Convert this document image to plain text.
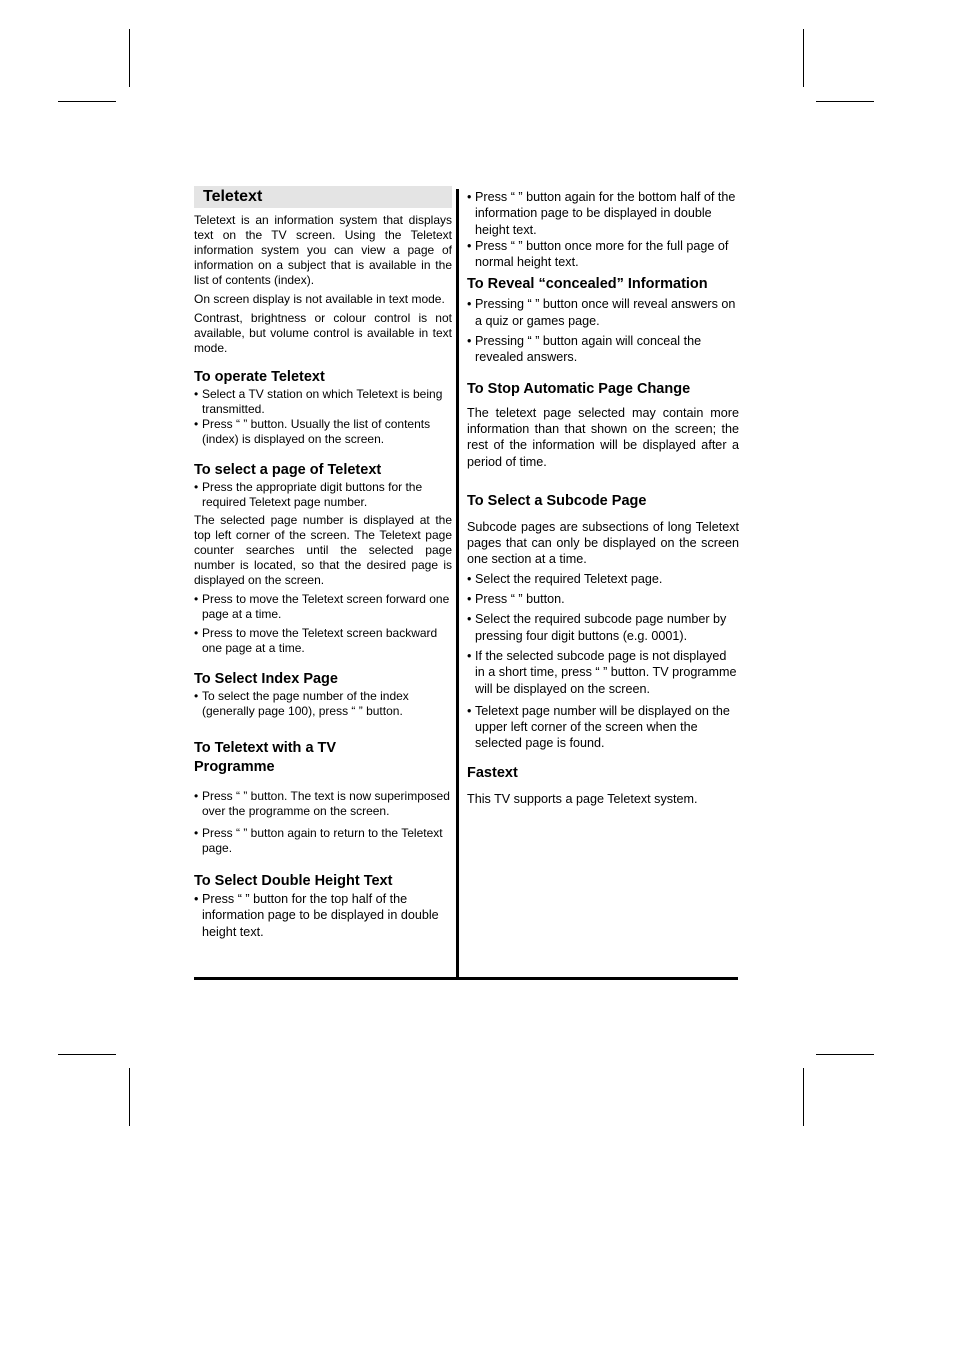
Teletext

Teletext is an information system that displays text on the TV screen. Using the Teletext information system you can view a page of information on a subject that is available in the list of contents (index).

On screen display is not available in text mode.

Contrast, brightness or colour control is not available, but volume control is available in text mode.

To operate Teletext
• Select a TV station on which Teletext is being transmitted.
• Press “ ” button. Usually the list of contents (index) is displayed on the screen.
To select a page of Teletext
• Press the appropriate digit buttons for the required Teletext page number.

The selected page number is displayed at the top left corner of the screen. The Teletext page counter searches until the selected page number is located, so that the desired page is displayed on the screen.

• Press to move the Teletext screen forward one page at a time.
• Press to move the Teletext screen backward one page at a time.
To Select Index Page
• To select the page number of the index (generally page 100), press “ ” button.
To Teletext with a TV Programme
• Press “ ” button. The text is now superimposed over the programme on the screen.
• Press “ ” button again to return to the Teletext page.
To Select Double Height Text
• Press “ ” button for the top half of the information page to be displayed in double height text.
• Press “ ” button again for the bottom half of the information page to be displayed in double height text.
• Press “ ” button once more for the full page of normal height text.
To Reveal “concealed” Information
• Pressing “ ” button once will reveal answers on a quiz or games page.
• Pressing “ ” button again will conceal the revealed answers.
To Stop Automatic Page Change

The teletext page selected may contain more information than that shown on the screen; the rest of the information will be displayed after a period of time.

To Select a Subcode Page

Subcode pages are subsections of long Teletext pages that can only be displayed on the screen one section at a time.

• Select the required Teletext page.
• Press “ ” button.
• Select the required subcode page number by pressing four digit buttons (e.g. 0001).
• If the selected subcode page is not displayed in a short time, press “ ” button. TV programme will be displayed on the screen.
• Teletext page number will be displayed on the upper left corner of the screen when the selected page is found.
Fastext

This TV supports a page Teletext system.
